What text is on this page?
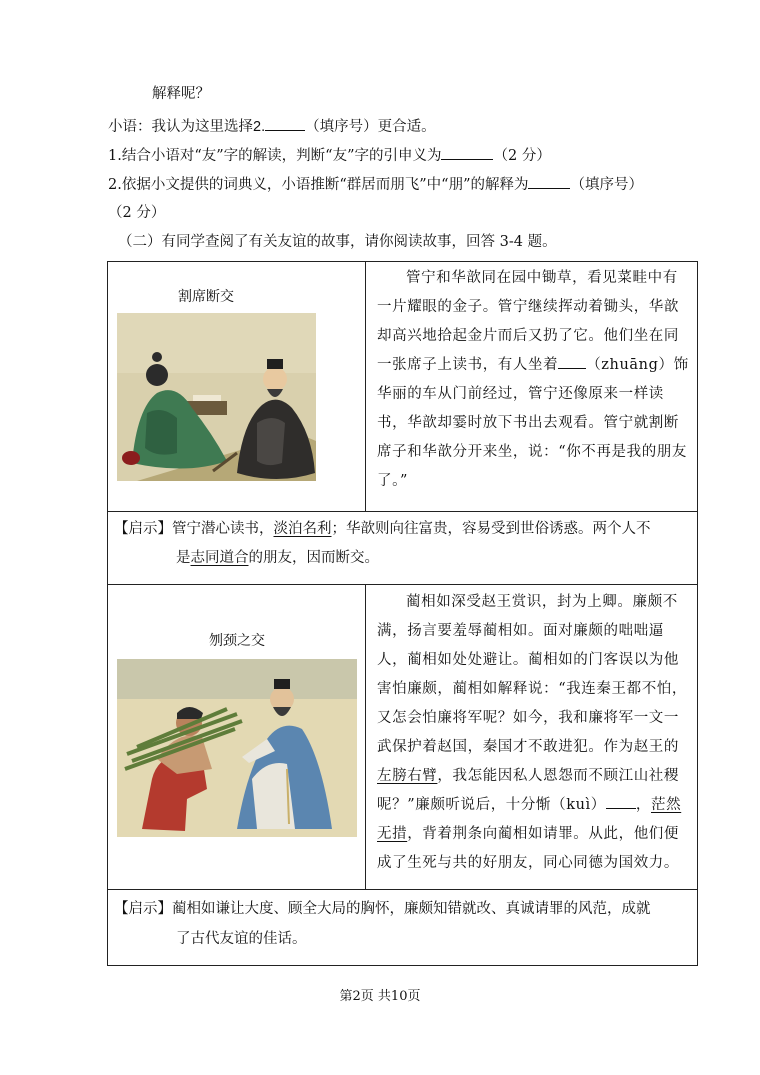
解释呢？
小语：我认为这里选择2.	（填序号）更合适。
1.结合小语对“友”字的解读，判断“友”字的引申义为	（2 分）
2.依据小文提供的词典义，小语推断“群居而朋飞”中“朋”的解释为	（填序号）
（2 分）
（二）有同学查阅了有关友谊的故事，请你阅读故事，回答 3-4 题。
割席断交
管宁和华歆同在园中锄草，看见菜畦中有一片耀眼的金子。管宁继续挥动着锄头，华歆却高兴地拾起金片而后又扔了它。他们坐在同一张席子上读书，有人坐着 （zhuāng）饰华丽的车从门前经过，管宁还像原来一样读书，华歆却霎时放下书出去观看。管宁就割断席子和华歆分开来坐，说：“你不再是我的朋友了。”
【启示】管宁潜心读书，淡泊名利；华歆则向往富贵，容易受到世俗诱惑。两个人不
是志同道合的朋友，因而断交。
刎颈之交
蔺相如深受赵王赏识，封为上卿。廉颇不满，扬言要羞辱蔺相如。面对廉颇的咄咄逼人，蔺相如处处避让。蔺相如的门客误以为他害怕廉颇，蔺相如解释说：“我连秦王都不怕，又怎会怕廉将军呢？如今，我和廉将军一文一武保护着赵国，秦国才不敢进犯。作为赵王的左膀右臂，我怎能因私人恩怨而不顾江山社稷呢？”廉颇听说后，十分惭（kuì） ，茫然无措，背着荆条向蔺相如请罪。从此，他们便成了生死与共的好朋友，同心同德为国效力。
【启示】蔺相如谦让大度、顾全大局的胸怀，廉颇知错就改、真诚请罪的风范，成就
了古代友谊的佳话。
第2页 共10页
